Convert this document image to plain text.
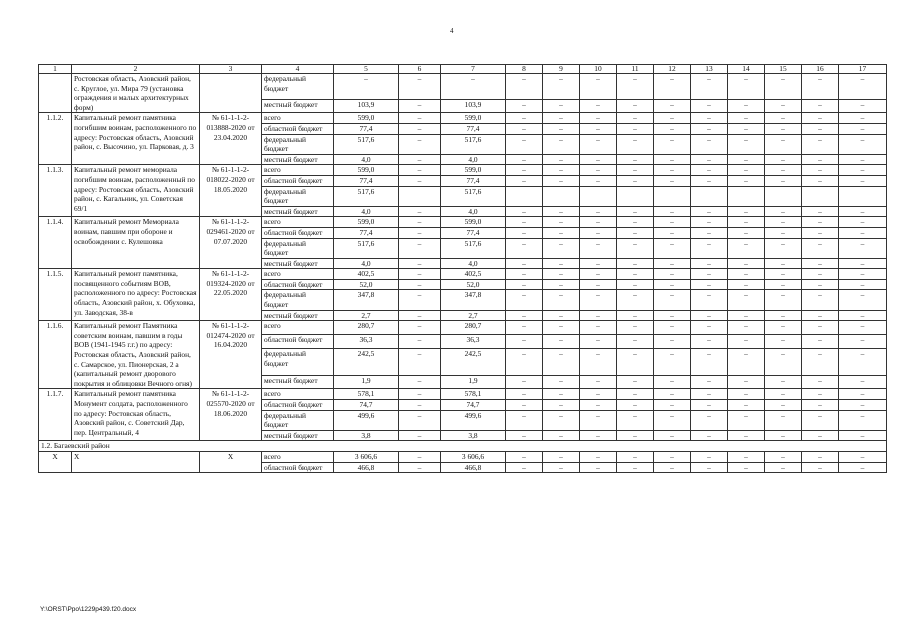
4
1	2	3	4	5	6	7	8	9	10	11	12	13	14	15	16	17
	Ростовская область, Азовский район, с. Круглое, ул. Мира 79 (установка ограждения и малых архитектурных форм)		федеральный бюджет	–	–	–	–	–	–	–	–	–	–	–	–	–
			местный бюджет	103,9	–	103,9	–	–	–	–	–	–	–	–	–	–
1.1.2.	Капитальный ремонт памятника погибшим воинам, расположенного по адресу: Ростовская область, Азовский район, с. Высочино, ул. Парковая, д. 3	№ 61-1-1-2-013888-2020 от 23.04.2020	всего	599,0	–	599,0	–	–	–	–	–	–	–	–	–	–
			областной бюджет	77,4	–	77,4	–	–	–	–	–	–	–	–	–	–
			федеральный бюджет	517,6	–	517,6	–	–	–	–	–	–	–	–	–	–
			местный бюджет	4,0	–	4,0	–	–	–	–	–	–	–	–	–	–
1.1.3.	Капитальный ремонт мемориала погибшим воинам, расположенный по адресу: Ростовская область, Азовский район, с. Кагальник, ул. Советская 69/1	№ 61-1-1-2-018022-2020 от 18.05.2020	всего	599,0	–	599,0	–	–	–	–	–	–	–	–	–	–
			областной бюджет	77,4	–	77,4	–	–	–	–	–	–	–	–	–	–
			федеральный бюджет	517,6		517,6										
			местный бюджет	4,0	–	4,0	–	–	–	–	–	–	–	–	–	–
1.1.4.	Капитальный ремонт Мемориала воинам, павшим при обороне и освобождении с. Кулешовка	№ 61-1-1-2-029461-2020 от 07.07.2020	всего	599,0	–	599,0	–	–	–	–	–	–	–	–	–	–
			областной бюджет	77,4	–	77,4	–	–	–	–	–	–	–	–	–	–
			федеральный бюджет	517,6	–	517,6	–	–	–	–	–	–	–	–	–	–
			местный бюджет	4,0	–	4,0	–	–	–	–	–	–	–	–	–	–
1.1.5.	Капитальный ремонт памятника, посвященного событиям ВОВ, расположенного по адресу: Ростовская область, Азовский район, х. Обуховка, ул. Заводская, 38-в	№ 61-1-1-2-019324-2020 от 22.05.2020	всего	402,5	–	402,5	–	–	–	–	–	–	–	–	–	–
			областной бюджет	52,0	–	52,0	–	–	–	–	–	–	–	–	–	–
			федеральный бюджет	347,8	–	347,8	–	–	–	–	–	–	–	–	–	–
			местный бюджет	2,7	–	2,7	–	–	–	–	–	–	–	–	–	–
1.1.6.	Капитальный ремонт Памятника советским воинам, павшим в годы ВОВ (1941-1945 г.г.) по адресу: Ростовская область, Азовский район, с. Самарское, ул. Пионерская, 2 а (капитальный ремонт дворового покрытия и облицовки Вечного огня)	№ 61-1-1-2-012474-2020 от 16.04.2020	всего	280,7	–	280,7	–	–	–	–	–	–	–	–	–	–
			областной бюджет	36,3	–	36,3	–	–	–	–	–	–	–	–	–	–
			федеральный бюджет	242,5	–	242,5	–	–	–	–	–	–	–	–	–	–
			местный бюджет	1,9	–	1,9	–	–	–	–	–	–	–	–	–	–
1.1.7.	Капитальный ремонт памятника Монумент солдата, расположенного по адресу: Ростовская область, Азовский район, с. Советский Дар, пер. Центральный, 4	№ 61-1-1-2-025570-2020 от 18.06.2020	всего	578,1	–	578,1	–	–	–	–	–	–	–	–	–	–
			областной бюджет	74,7	–	74,7	–	–	–	–	–	–	–	–	–	–
			федеральный бюджет	499,6	–	499,6	–	–	–	–	–	–	–	–	–	–
			местный бюджет	3,8	–	3,8	–	–	–	–	–	–	–	–	–	–
1.2. Багаевский район																
X	X	X	всего	3 606,6	–	3 606,6	–	–	–	–	–	–	–	–	–	–
			областной бюджет	466,8	–	466,8	–	–	–	–	–	–	–	–	–	–
Y:\ORST\Ppo\1229p439.f20.docx
